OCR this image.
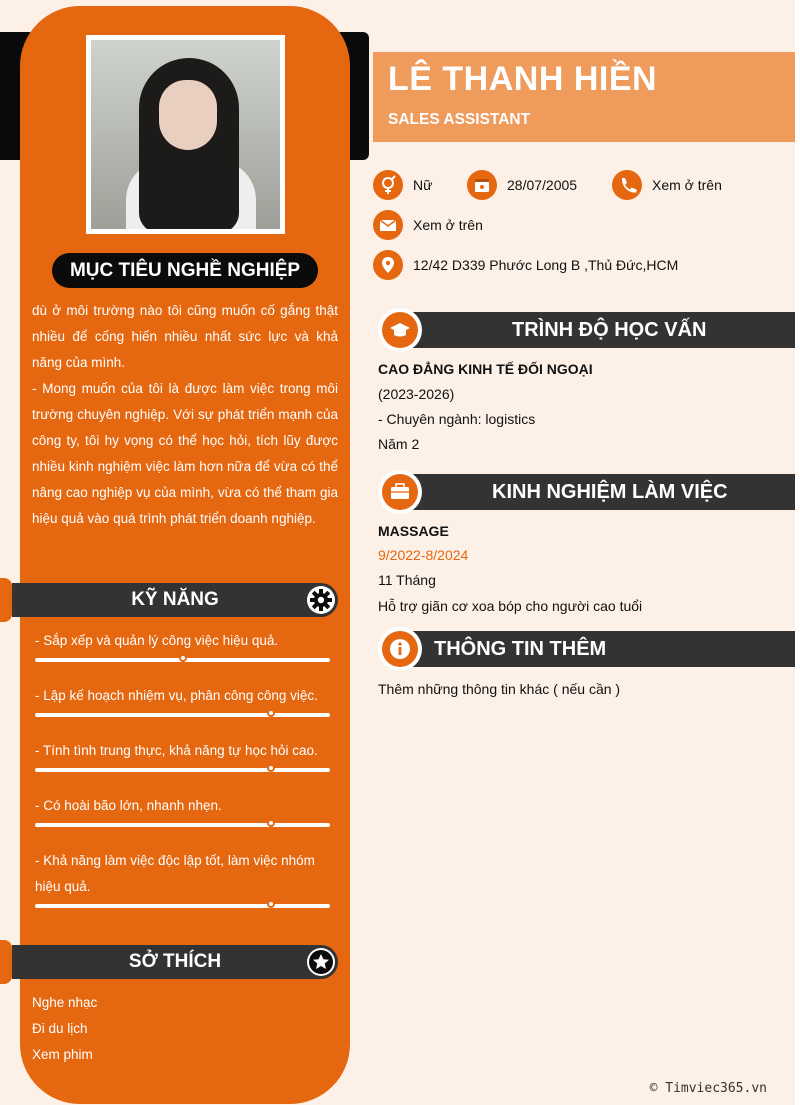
MỤC TIÊU NGHỀ NGHIỆP

dù ở môi trường nào tôi cũng muốn cố gắng thật nhiều để cống hiến nhiều nhất sức lực và khả năng của mình.

- Mong muốn của tôi là được làm việc trong môi trường chuyên nghiệp. Với sự phát triển mạnh của công ty, tôi hy vọng có thể học hỏi, tích lũy được nhiều kinh nghiệm việc làm hơn nữa để vừa có thể nâng cao nghiệp vụ của mình, vừa có thể tham gia hiệu quả vào quá trình phát triển doanh nghiệp.

KỸ NĂNG
- Sắp xếp và quản lý công việc hiệu quả.
- Lập kế hoạch nhiệm vụ, phân công công việc.
- Tính tình trung thực, khả năng tự học hỏi cao.
- Có hoài bão lớn, nhanh nhẹn.
- Khả năng làm việc độc lập tốt, làm việc nhóm hiệu quả.
SỞ THÍCH
Nghe nhạc
Đi du lịch
Xem phim
LÊ THANH HIỀN
SALES ASSISTANT
Nữ	28/07/2005	Xem ở trên
Xem ở trên
12/42 D339 Phước Long B ,Thủ Đức,HCM
TRÌNH ĐỘ HỌC VẤN
CAO ĐẲNG KINH TẾ ĐỐI NGOẠI
(2023-2026)
- Chuyên ngành: logistics
Năm 2
KINH NGHIỆM LÀM VIỆC
MASSAGE
9/2022-8/2024
11 Tháng
Hỗ trợ giãn cơ xoa bóp cho người cao tuổi
THÔNG TIN THÊM
Thêm những thông tin khác ( nếu cần )
© Timviec365.vn
